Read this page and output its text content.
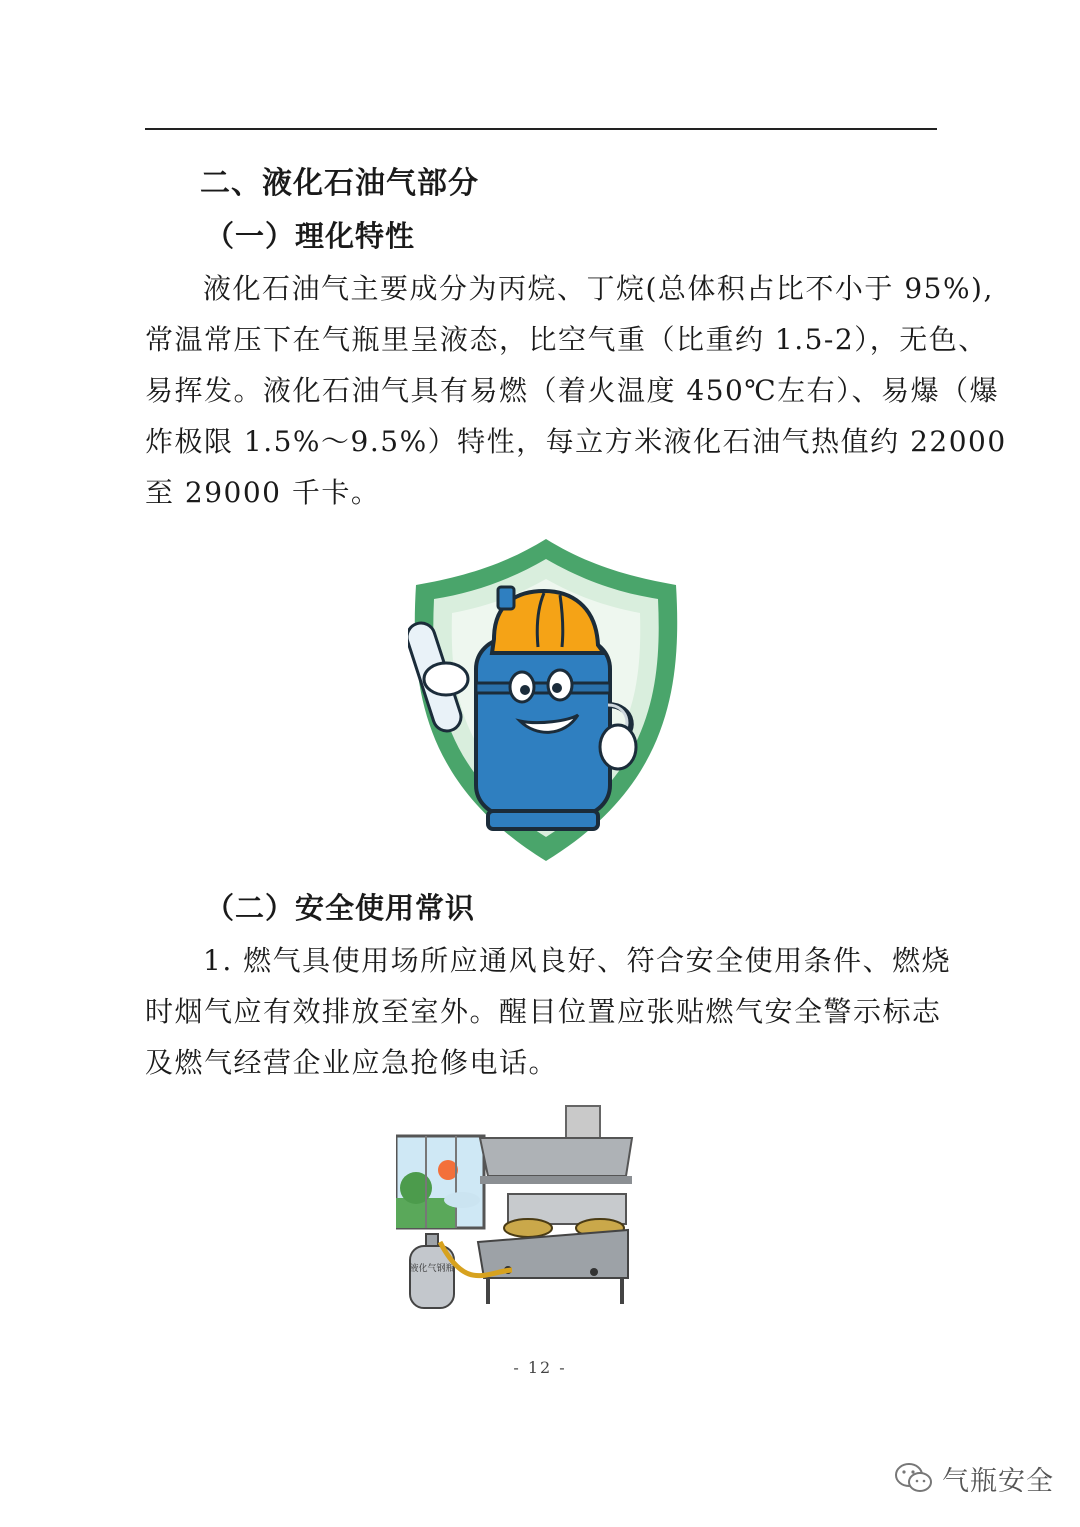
二、液化石油气部分
（一）理化特性
液化石油气主要成分为丙烷、丁烷(总体积占比不小于 95%),
常温常压下在气瓶里呈液态，比空气重（比重约 1.5-2），无色、
易挥发。液化石油气具有易燃（着火温度 450℃左右）、易爆（爆
炸极限 1.5%～9.5%）特性，每立方米液化石油气热值约 22000
至 29000 千卡。
（二）安全使用常识
1. 燃气具使用场所应通风良好、符合安全使用条件、燃烧
时烟气应有效排放至室外。醒目位置应张贴燃气安全警示标志
及燃气经营企业应急抢修电话。
液化气钢瓶
- 12 -
气瓶安全
